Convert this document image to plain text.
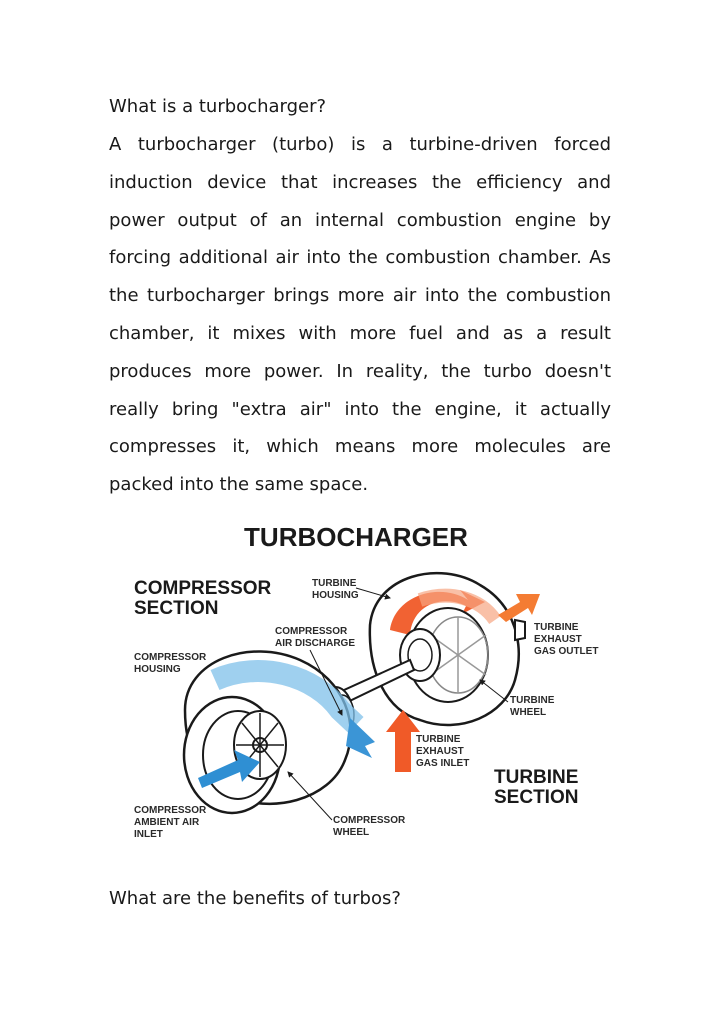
What is a turbocharger?

A turbocharger (turbo) is a turbine-driven forced induction device that increases the efficiency and power output of an internal combustion engine by forcing additional air into the combustion chamber. As the turbocharger brings more air into the combustion chamber, it mixes with more fuel and as a result produces more power. In reality, the turbo doesn't really bring "extra air" into the engine, it actually compresses it, which means more molecules are packed into the same space.

TURBOCHARGER
COMPRESSOR
SECTION
TURBINE
SECTION
TURBINE
HOUSING
COMPRESSOR
AIR DISCHARGE
COMPRESSOR
HOUSING
TURBINE
EXHAUST
GAS OUTLET
TURBINE
WHEEL
TURBINE
EXHAUST
GAS INLET
COMPRESSOR
AMBIENT AIR
INLET
COMPRESSOR
WHEEL
What are the benefits of turbos?
